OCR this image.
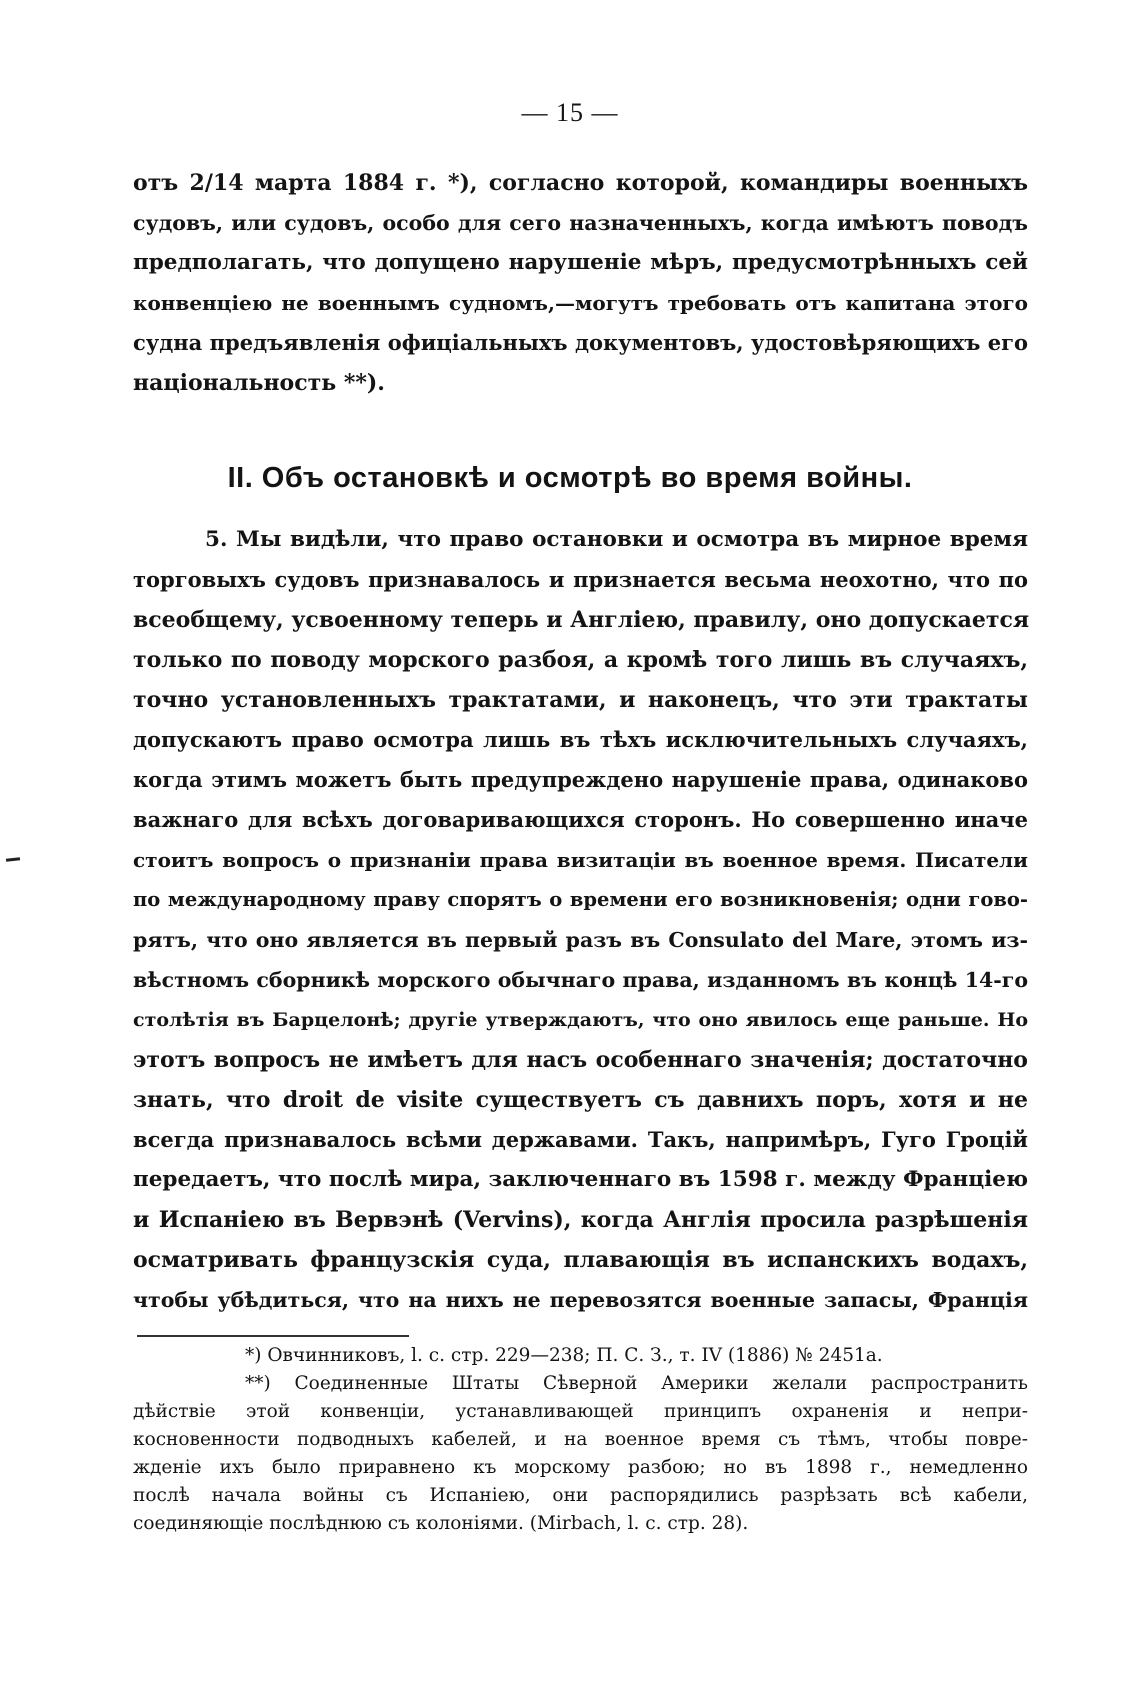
— 15 —
отъ 2/14 марта 1884 г. *), согласно которой, командиры военныхъ
судовъ, или судовъ, особо для сего назначенныхъ, когда имѣютъ поводъ
предполагать, что допущено нарушеніе мѣръ, предусмотрѣнныхъ сей
конвенціею не военнымъ судномъ,—могутъ требовать отъ капитана этого
судна предъявленія офиціальныхъ документовъ, удостовѣряющихъ его
національность **).
II. Объ остановкѣ и осмотрѣ во время войны.
5. Мы видѣли, что право остановки и осмотра въ мирное время
торговыхъ судовъ признавалось и признается весьма неохотно, что по
всеобщему, усвоенному теперь и Англіею, правилу, оно допускается
только по поводу морского разбоя, а кромѣ того лишь въ случаяхъ,
точно установленныхъ трактатами, и наконецъ, что эти трактаты
допускаютъ право осмотра лишь въ тѣхъ исключительныхъ случаяхъ,
когда этимъ можетъ быть предупреждено нарушеніе права, одинаково
важнаго для всѣхъ договаривающихся сторонъ. Но совершенно иначе
стоитъ вопросъ о признаніи права визитаціи въ военное время. Писатели
по международному праву спорятъ о времени его возникновенія; одни гово-
рятъ, что оно является въ первый разъ въ Consulato del Mare, этомъ из-
вѣстномъ сборникѣ морского обычнаго права, изданномъ въ концѣ 14-го
столѣтія въ Барцелонѣ; другіе утверждаютъ, что оно явилось еще раньше. Но
этотъ вопросъ не имѣетъ для насъ особеннаго значенія; достаточно
знать, что droit de visite существуетъ съ давнихъ поръ, хотя и не
всегда признавалось всѣми державами. Такъ, напримѣръ, Гуго Гроцій
передаетъ, что послѣ мира, заключеннаго въ 1598 г. между Франціею
и Испаніею въ Вервэнѣ (Vervins), когда Англія просила разрѣшенія
осматривать французскія суда, плавающія въ испанскихъ водахъ,
чтобы убѣдиться, что на нихъ не перевозятся военные запасы, Франція
*) Овчинниковъ, l. c. стр. 229—238; П. С. З., т. IV (1886) № 2451а.
**) Соединенные Штаты Сѣверной Америки желали распространить
дѣйствіе этой конвенціи, устанавливающей принципъ охраненія и непри-
косновенности подводныхъ кабелей, и на военное время съ тѣмъ, чтобы повре-
жденіе ихъ было приравнено къ морскому разбою; но въ 1898 г., немедленно
послѣ начала войны съ Испаніею, они распорядились разрѣзать всѣ кабели,
соединяющіе послѣднюю съ колоніями. (Mirbach, l. c. стр. 28).
